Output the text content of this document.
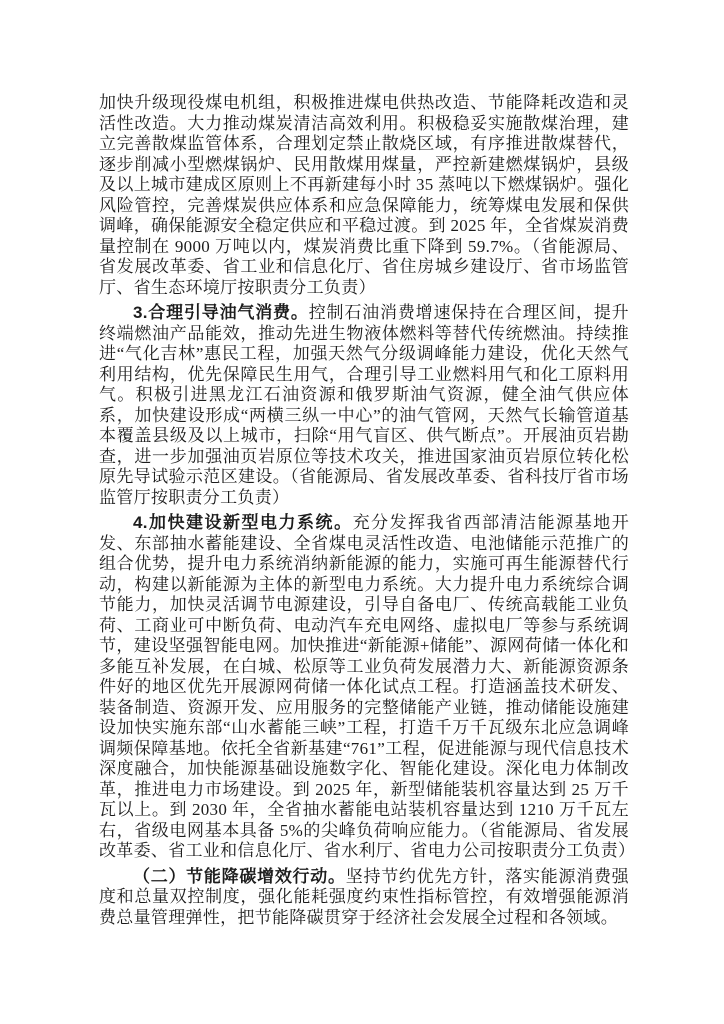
加快升级现役煤电机组，积极推进煤电供热改造、节能降耗改造和灵活性改造。大力推动煤炭清洁高效利用。积极稳妥实施散煤治理，建立完善散煤监管体系，合理划定禁止散烧区域，有序推进散煤替代，逐步削减小型燃煤锅炉、民用散煤用煤量，严控新建燃煤锅炉，县级及以上城市建成区原则上不再新建每小时 35 蒸吨以下燃煤锅炉。强化风险管控，完善煤炭供应体系和应急保障能力，统筹煤电发展和保供调峰，确保能源安全稳定供应和平稳过渡。到 2025 年，全省煤炭消费量控制在 9000 万吨以内，煤炭消费比重下降到 59.7%。（省能源局、省发展改革委、省工业和信息化厅、省住房城乡建设厅、省市场监管厅、省生态环境厅按职责分工负责）

3.合理引导油气消费。控制石油消费增速保持在合理区间，提升终端燃油产品能效，推动先进生物液体燃料等替代传统燃油。持续推进“气化吉林”惠民工程，加强天然气分级调峰能力建设，优化天然气利用结构，优先保障民生用气，合理引导工业燃料用气和化工原料用气。积极引进黑龙江石油资源和俄罗斯油气资源，健全油气供应体系，加快建设形成“两横三纵一中心”的油气管网，天然气长输管道基本覆盖县级及以上城市，扫除“用气盲区、供气断点”。开展油页岩勘查，进一步加强油页岩原位等技术攻关，推进国家油页岩原位转化松原先导试验示范区建设。（省能源局、省发展改革委、省科技厅省市场监管厅按职责分工负责）

4.加快建设新型电力系统。充分发挥我省西部清洁能源基地开发、东部抽水蓄能建设、全省煤电灵活性改造、电池储能示范推广的组合优势，提升电力系统消纳新能源的能力，实施可再生能源替代行动，构建以新能源为主体的新型电力系统。大力提升电力系统综合调节能力，加快灵活调节电源建设，引导自备电厂、传统高载能工业负荷、工商业可中断负荷、电动汽车充电网络、虚拟电厂等参与系统调节，建设坚强智能电网。加快推进“新能源+储能”、源网荷储一体化和多能互补发展，在白城、松原等工业负荷发展潜力大、新能源资源条件好的地区优先开展源网荷储一体化试点工程。打造涵盖技术研发、装备制造、资源开发、应用服务的完整储能产业链，推动储能设施建设加快实施东部“山水蓄能三峡”工程，打造千万千瓦级东北应急调峰调频保障基地。依托全省新基建“761”工程，促进能源与现代信息技术深度融合，加快能源基础设施数字化、智能化建设。深化电力体制改革，推进电力市场建设。到 2025 年，新型储能装机容量达到 25 万千瓦以上。到 2030 年，全省抽水蓄能电站装机容量达到 1210 万千瓦左右，省级电网基本具备 5%的尖峰负荷响应能力。（省能源局、省发展改革委、省工业和信息化厅、省水利厅、省电力公司按职责分工负责）

（二）节能降碳增效行动。坚持节约优先方针，落实能源消费强度和总量双控制度，强化能耗强度约束性指标管控，有效增强能源消费总量管理弹性，把节能降碳贯穿于经济社会发展全过程和各领域。
